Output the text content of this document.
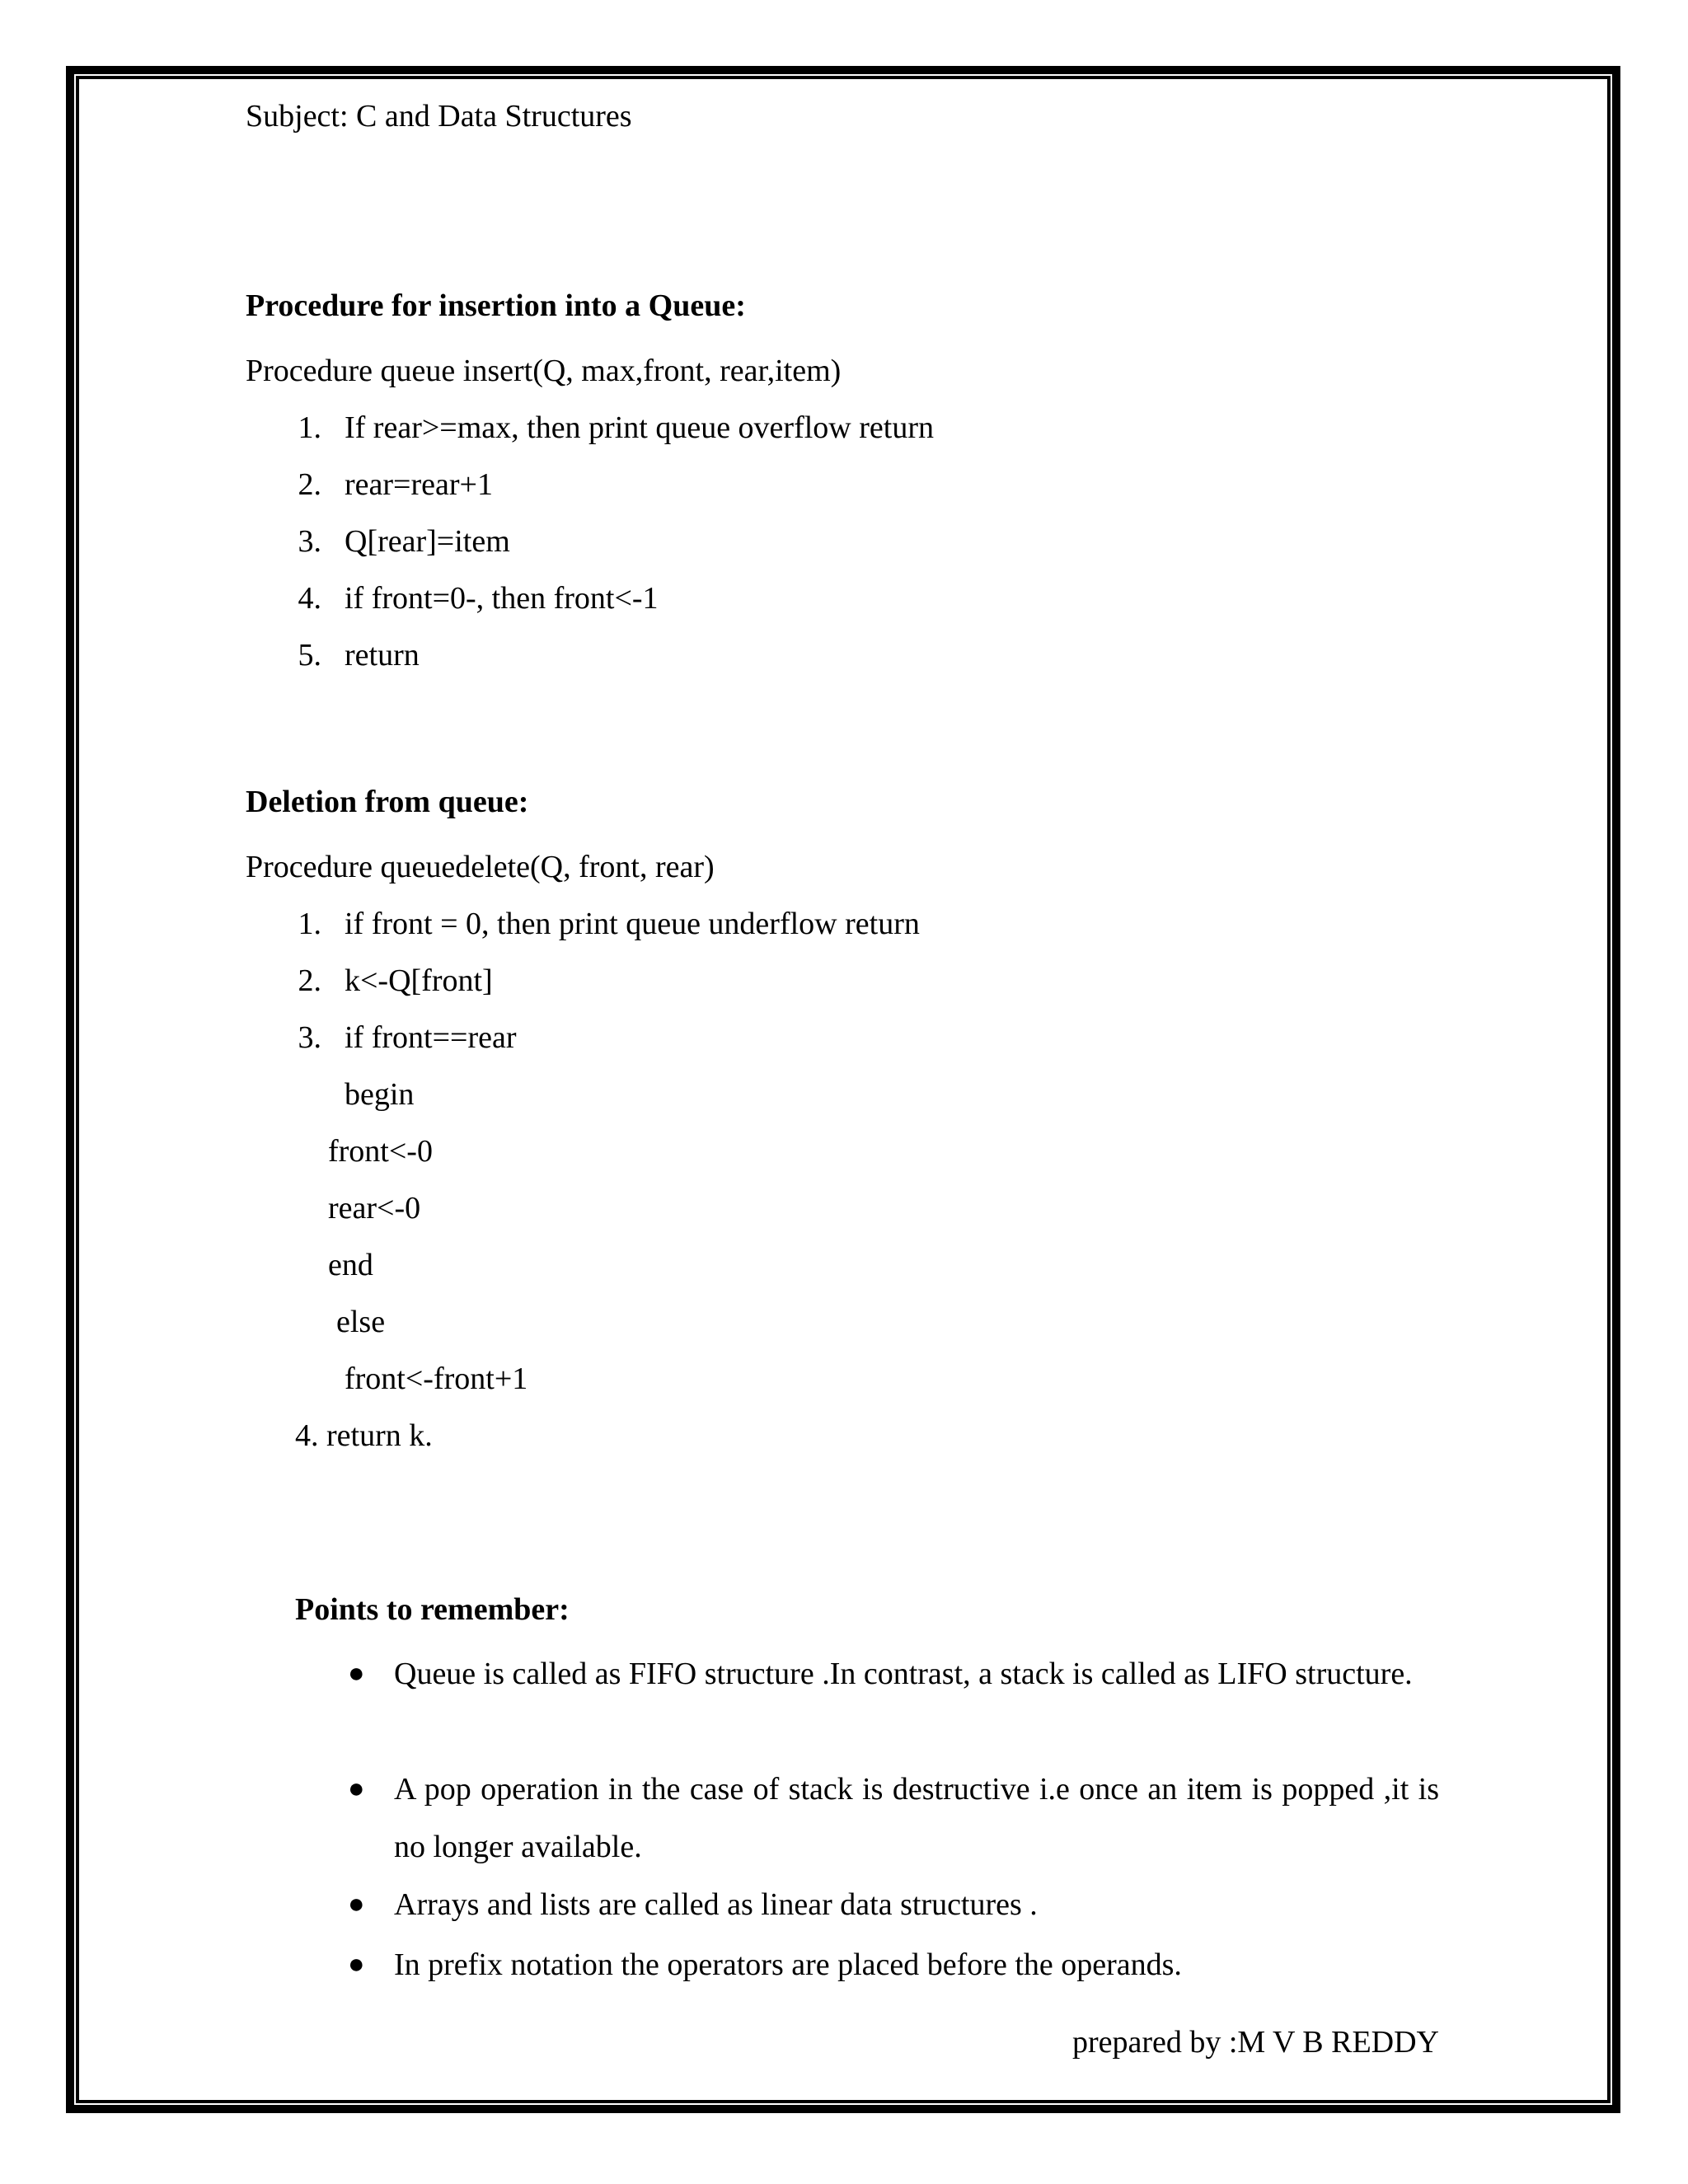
Subject: C and Data Structures
Procedure for insertion into a Queue:
Procedure queue insert(Q, max,front, rear,item)
1. If rear>=max, then print queue overflow return
2. rear=rear+1
3. Q[rear]=item
4. if front=0-, then front<-1
5. return
Deletion from queue:
Procedure queuedelete(Q, front, rear)
1. if front = 0, then print queue underflow return
2. k<-Q[front]
3. if front==rear
begin
front<-0
rear<-0
end
else
front<-front+1
4. return k.
Points to remember:
● Queue is called as FIFO structure .In contrast, a stack is called as LIFO structure.
● A pop operation in the case of stack is destructive i.e once an item is popped ,it is no longer available.
● Arrays and lists are called as linear data structures .
● In prefix notation the operators are placed before the operands.
prepared by :M V B REDDY
